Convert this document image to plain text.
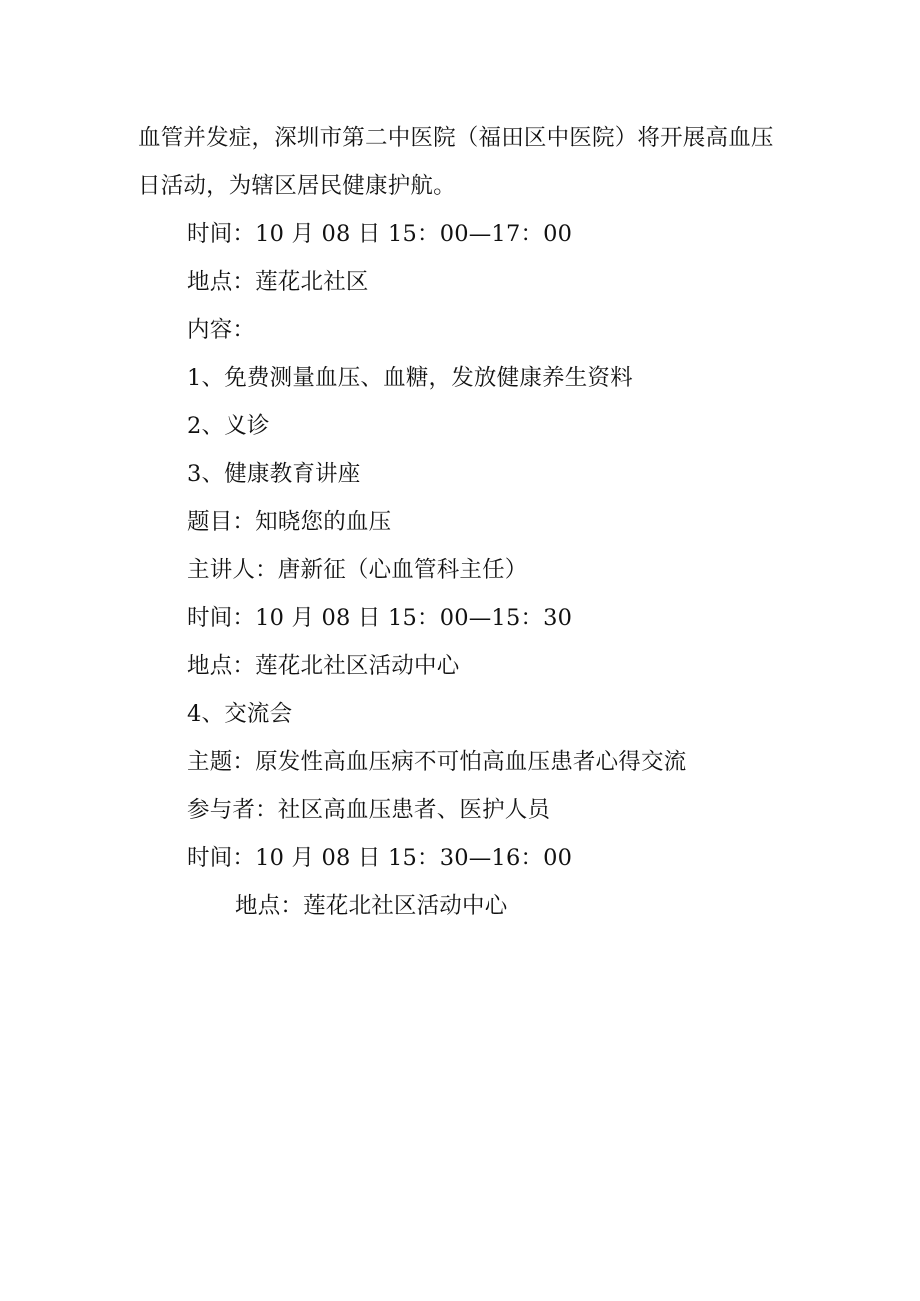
血管并发症，深圳市第二中医院（福田区中医院）将开展高血压
日活动，为辖区居民健康护航。
时间：10 月 08 日 15：00—17：00
地点：莲花北社区
内容：
1、免费测量血压、血糖，发放健康养生资料
2、义诊
3、健康教育讲座
题目：知晓您的血压
主讲人：唐新征（心血管科主任）
时间：10 月 08 日 15：00—15：30
地点：莲花北社区活动中心
4、交流会
主题：原发性高血压病不可怕高血压患者心得交流
参与者：社区高血压患者、医护人员
时间：10 月 08 日 15：30—16：00
地点：莲花北社区活动中心
